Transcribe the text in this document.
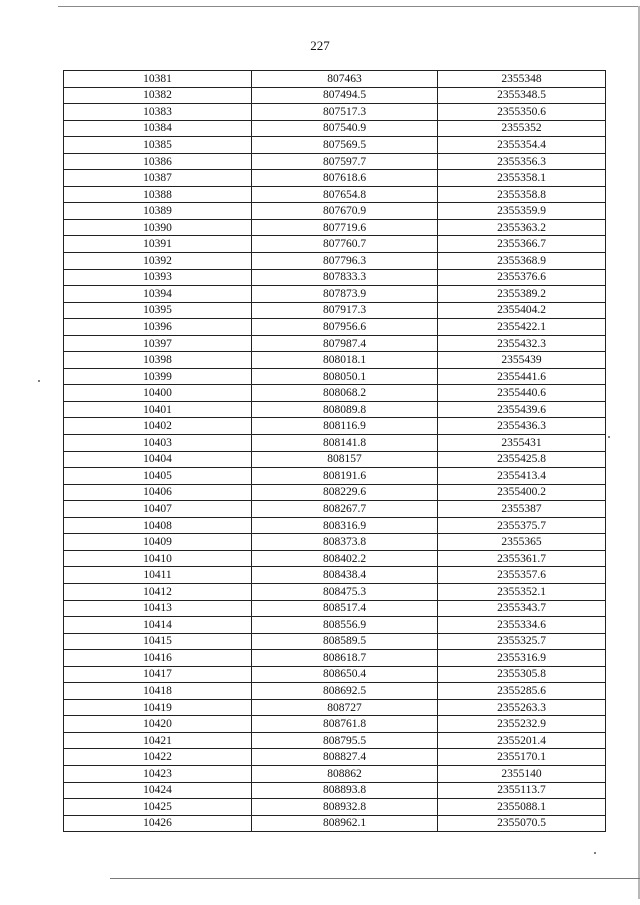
227
10381	807463	2355348
10382	807494.5	2355348.5
10383	807517.3	2355350.6
10384	807540.9	2355352
10385	807569.5	2355354.4
10386	807597.7	2355356.3
10387	807618.6	2355358.1
10388	807654.8	2355358.8
10389	807670.9	2355359.9
10390	807719.6	2355363.2
10391	807760.7	2355366.7
10392	807796.3	2355368.9
10393	807833.3	2355376.6
10394	807873.9	2355389.2
10395	807917.3	2355404.2
10396	807956.6	2355422.1
10397	807987.4	2355432.3
10398	808018.1	2355439
10399	808050.1	2355441.6
10400	808068.2	2355440.6
10401	808089.8	2355439.6
10402	808116.9	2355436.3
10403	808141.8	2355431
10404	808157	2355425.8
10405	808191.6	2355413.4
10406	808229.6	2355400.2
10407	808267.7	2355387
10408	808316.9	2355375.7
10409	808373.8	2355365
10410	808402.2	2355361.7
10411	808438.4	2355357.6
10412	808475.3	2355352.1
10413	808517.4	2355343.7
10414	808556.9	2355334.6
10415	808589.5	2355325.7
10416	808618.7	2355316.9
10417	808650.4	2355305.8
10418	808692.5	2355285.6
10419	808727	2355263.3
10420	808761.8	2355232.9
10421	808795.5	2355201.4
10422	808827.4	2355170.1
10423	808862	2355140
10424	808893.8	2355113.7
10425	808932.8	2355088.1
10426	808962.1	2355070.5
